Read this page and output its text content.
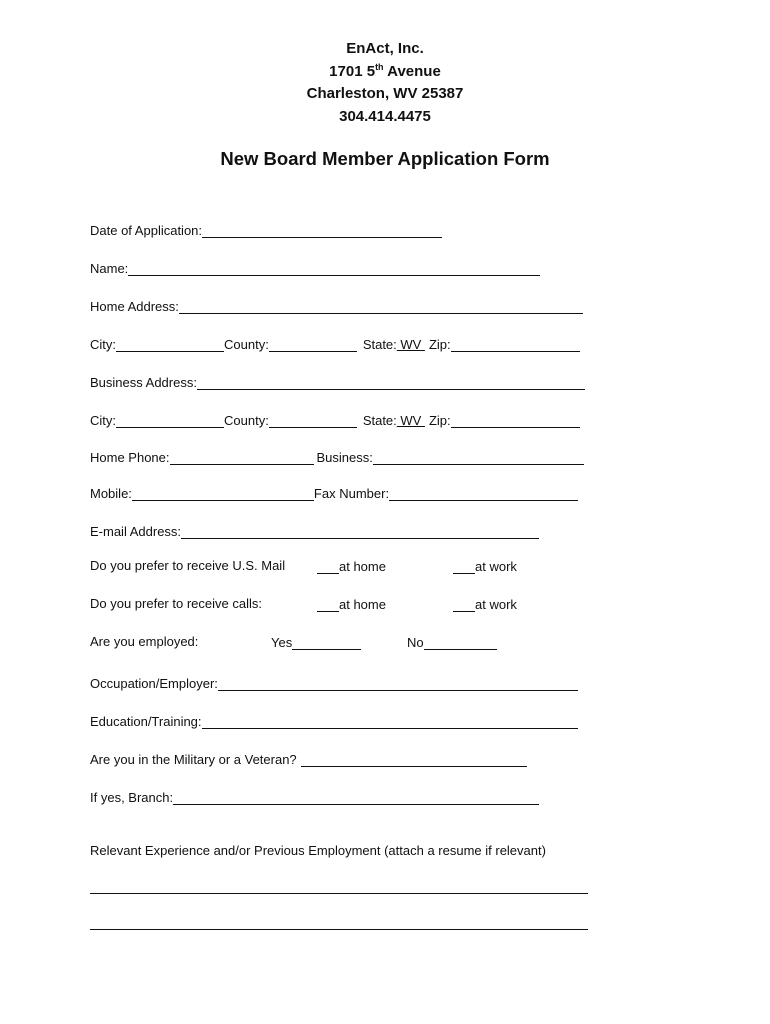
EnAct, Inc.
1701 5th Avenue
Charleston, WV 25387
304.414.4475
New Board Member Application Form
Date of Application:
Name:
Home Address:
City:	County:	State: WV Zip:
Business Address:
City:	County:	State: WV Zip:
Home Phone:	Business:
Mobile:	Fax Number:
E-mail Address:
Do you prefer to receive U.S. Mail	at home	at work
Do you prefer to receive calls:	at home	at work
Are you employed:	Yes	No
Occupation/Employer:
Education/Training:
Are you in the Military or a Veteran?
If yes, Branch:
Relevant Experience and/or Previous Employment (attach a resume if relevant)
